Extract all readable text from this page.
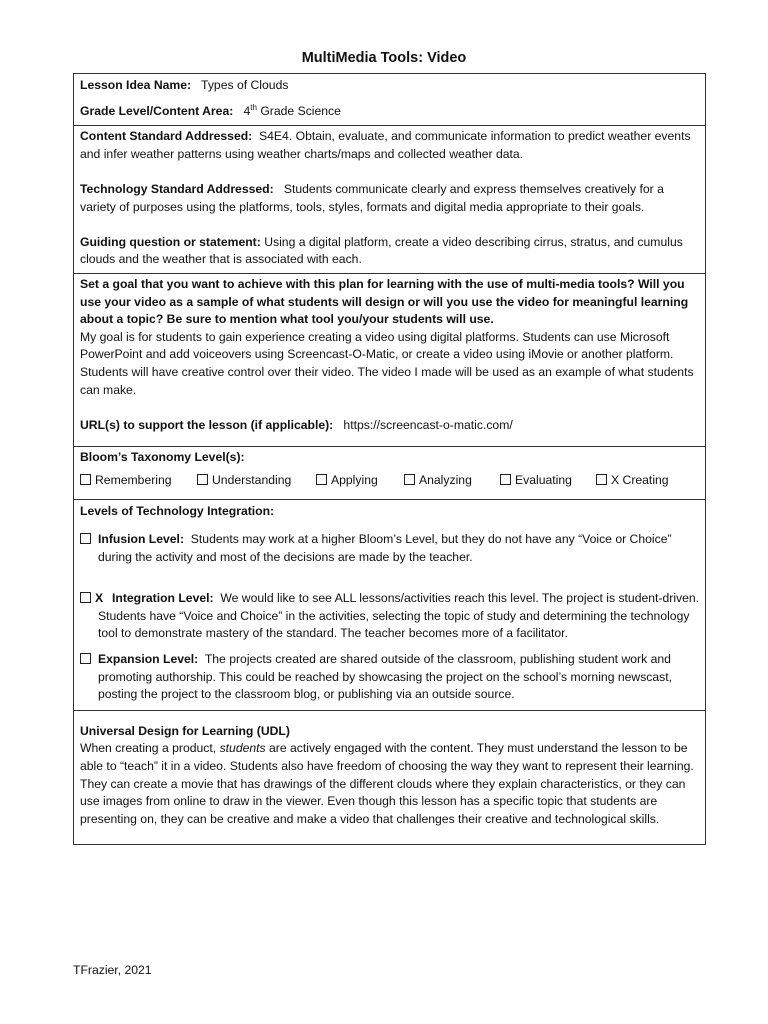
MultiMedia Tools: Video
Lesson Idea Name: Types of Clouds
Grade Level/Content Area: 4th Grade Science
Content Standard Addressed: S4E4. Obtain, evaluate, and communicate information to predict weather events and infer weather patterns using weather charts/maps and collected weather data.
Technology Standard Addressed: Students communicate clearly and express themselves creatively for a variety of purposes using the platforms, tools, styles, formats and digital media appropriate to their goals.
Guiding question or statement: Using a digital platform, create a video describing cirrus, stratus, and cumulus clouds and the weather that is associated with each.
Set a goal that you want to achieve with this plan for learning with the use of multi-media tools? Will you use your video as a sample of what students will design or will you use the video for meaningful learning about a topic? Be sure to mention what tool you/your students will use.
My goal is for students to gain experience creating a video using digital platforms. Students can use Microsoft PowerPoint and add voiceovers using Screencast-O-Matic, or create a video using iMovie or another platform. Students will have creative control over their video. The video I made will be used as an example of what students can make.
URL(s) to support the lesson (if applicable): https://screencast-o-matic.com/
Bloom’s Taxonomy Level(s):
Remembering	Understanding	Applying	Analyzing	Evaluating	X Creating
Levels of Technology Integration:
Infusion Level: Students may work at a higher Bloom’s Level, but they do not have any “Voice or Choice” during the activity and most of the decisions are made by the teacher.
X Integration Level: We would like to see ALL lessons/activities reach this level. The project is student-driven. Students have “Voice and Choice” in the activities, selecting the topic of study and determining the technology tool to demonstrate mastery of the standard. The teacher becomes more of a facilitator.
Expansion Level: The projects created are shared outside of the classroom, publishing student work and promoting authorship. This could be reached by showcasing the project on the school’s morning newscast, posting the project to the classroom blog, or publishing via an outside source.
Universal Design for Learning (UDL)
When creating a product, students are actively engaged with the content. They must understand the lesson to be able to “teach” it in a video. Students also have freedom of choosing the way they want to represent their learning. They can create a movie that has drawings of the different clouds where they explain characteristics, or they can use images from online to draw in the viewer. Even though this lesson has a specific topic that students are presenting on, they can be creative and make a video that challenges their creative and technological skills.
TFrazier, 2021
